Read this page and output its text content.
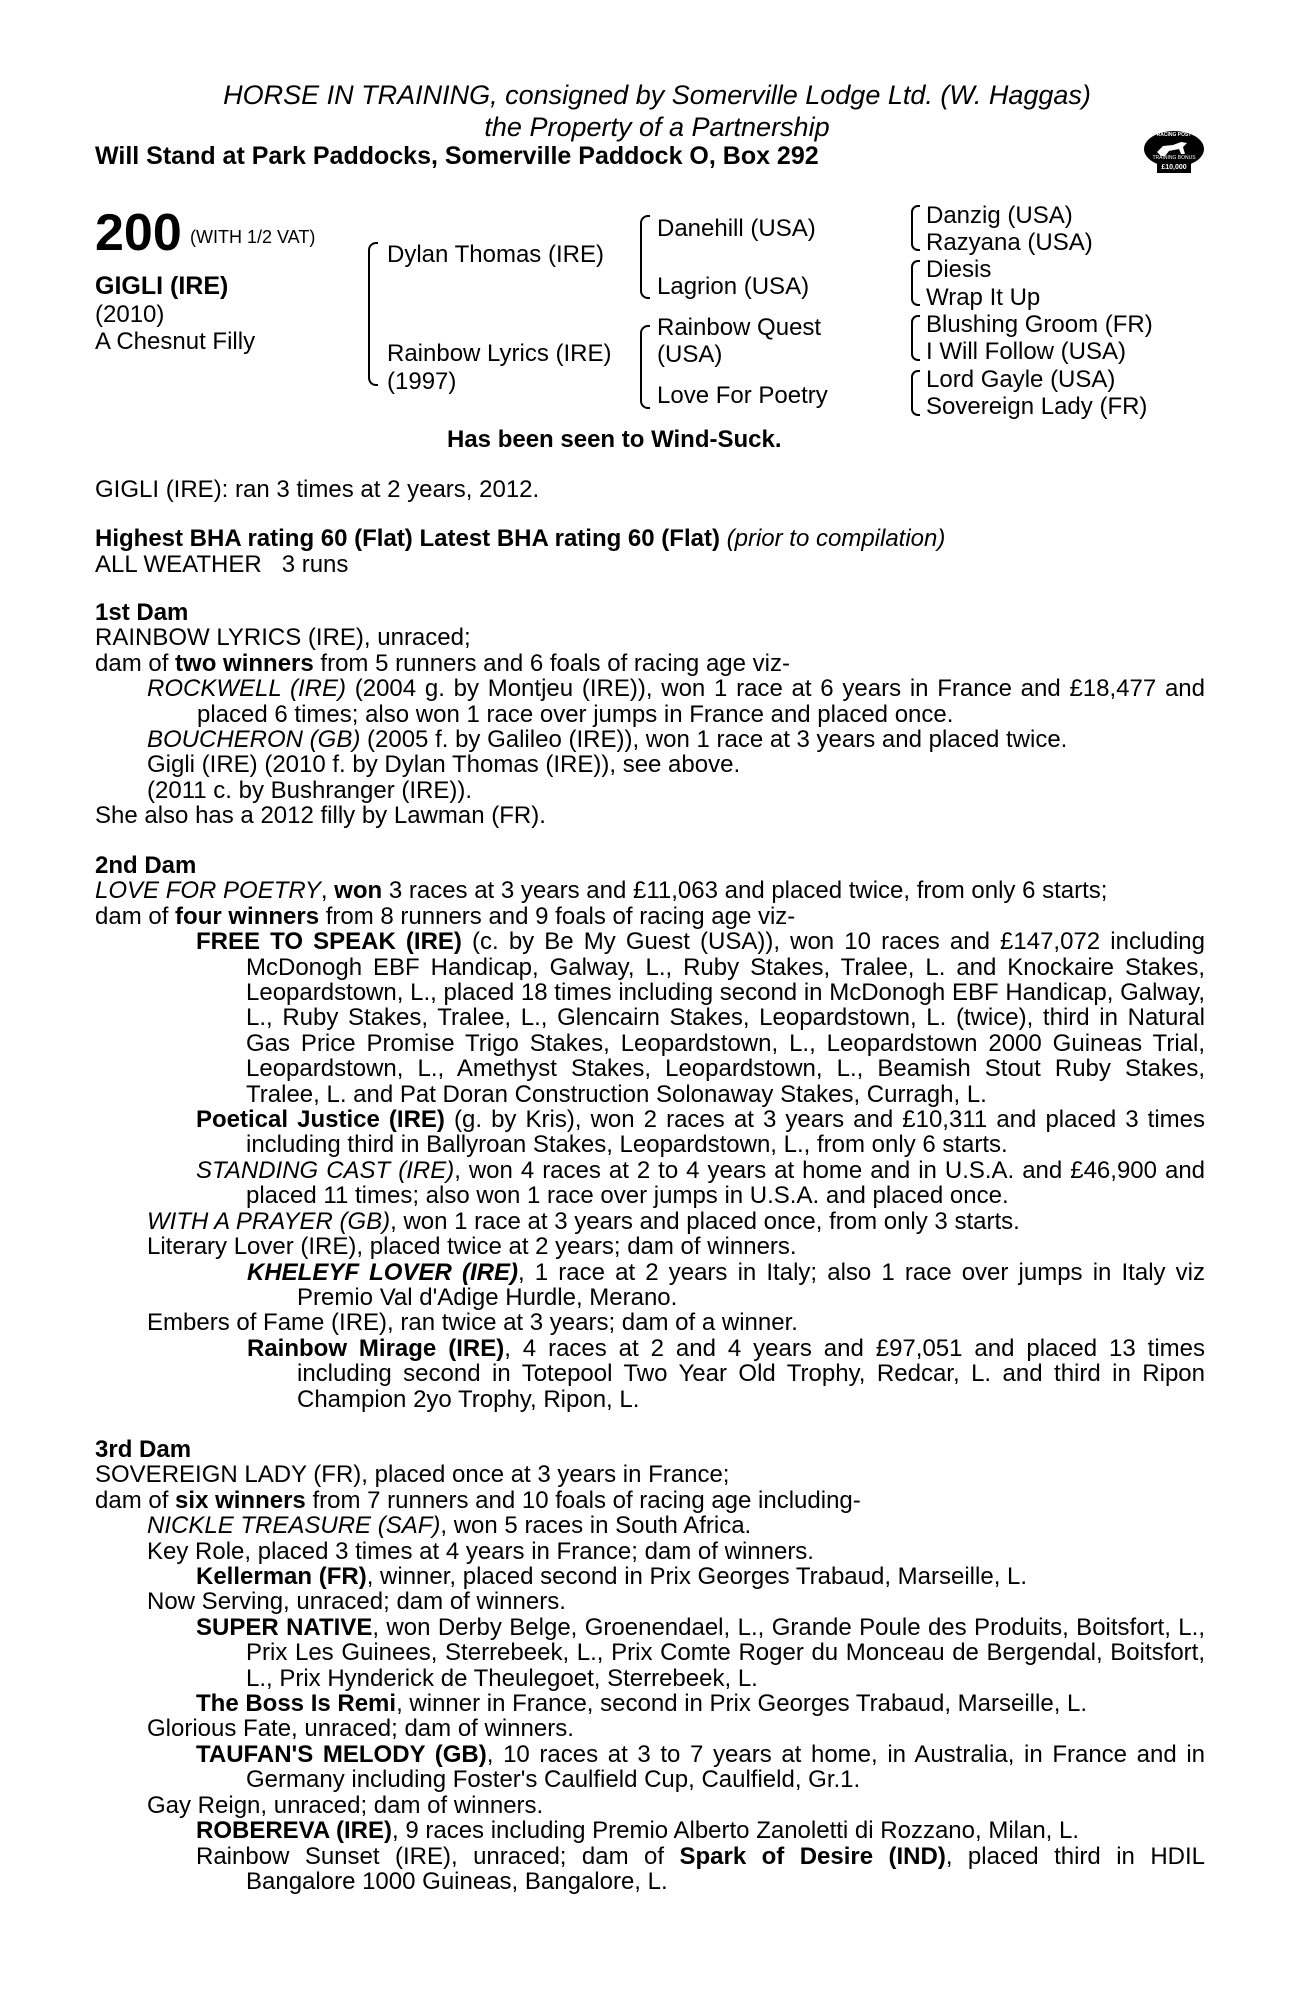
HORSE IN TRAINING, consigned by Somerville Lodge Ltd. (W. Haggas)
the Property of a Partnership
Will Stand at Park Paddocks, Somerville Paddock O, Box 292
RACING POST
TRAINING BONUS
£10,000
200 (WITH 1/2 VAT)
GIGLI (IRE)
(2010)
A Chesnut Filly
Dylan Thomas (IRE)
Rainbow Lyrics (IRE)
(1997)
Danehill (USA)
Lagrion (USA)
Rainbow Quest
(USA)
Love For Poetry
Danzig (USA)
Razyana (USA)
Diesis
Wrap It Up
Blushing Groom (FR)
I Will Follow (USA)
Lord Gayle (USA)
Sovereign Lady (FR)
Has been seen to Wind-Suck.
GIGLI (IRE): ran 3 times at 2 years, 2012.
Highest BHA rating 60 (Flat) Latest BHA rating 60 (Flat) (prior to compilation)
ALL WEATHER   3 runs

1st Dam

RAINBOW LYRICS (IRE), unraced;

dam of two winners from 5 runners and 6 foals of racing age viz-

ROCKWELL (IRE) (2004 g. by Montjeu (IRE)), won 1 race at 6 years in France and £18,477 and placed 6 times; also won 1 race over jumps in France and placed once.

BOUCHERON (GB) (2005 f. by Galileo (IRE)), won 1 race at 3 years and placed twice.

Gigli (IRE) (2010 f. by Dylan Thomas (IRE)), see above.

(2011 c. by Bushranger (IRE)).

She also has a 2012 filly by Lawman (FR).

2nd Dam

LOVE FOR POETRY, won 3 races at 3 years and £11,063 and placed twice, from only 6 starts;

dam of four winners from 8 runners and 9 foals of racing age viz-

FREE TO SPEAK (IRE) (c. by Be My Guest (USA)), won 10 races and £147,072 including McDonogh EBF Handicap, Galway, L., Ruby Stakes, Tralee, L. and Knockaire Stakes, Leopardstown, L., placed 18 times including second in McDonogh EBF Handicap, Galway, L., Ruby Stakes, Tralee, L., Glencairn Stakes, Leopardstown, L. (twice), third in Natural Gas Price Promise Trigo Stakes, Leopardstown, L., Leopardstown 2000 Guineas Trial, Leopardstown, L., Amethyst Stakes, Leopardstown, L., Beamish Stout Ruby Stakes, Tralee, L. and Pat Doran Construction Solonaway Stakes, Curragh, L.

Poetical Justice (IRE) (g. by Kris), won 2 races at 3 years and £10,311 and placed 3 times including third in Ballyroan Stakes, Leopardstown, L., from only 6 starts.

STANDING CAST (IRE), won 4 races at 2 to 4 years at home and in U.S.A. and £46,900 and placed 11 times; also won 1 race over jumps in U.S.A. and placed once.

WITH A PRAYER (GB), won 1 race at 3 years and placed once, from only 3 starts.

Literary Lover (IRE), placed twice at 2 years; dam of winners.

KHELEYF LOVER (IRE), 1 race at 2 years in Italy; also 1 race over jumps in Italy viz Premio Val d'Adige Hurdle, Merano.

Embers of Fame (IRE), ran twice at 3 years; dam of a winner.

Rainbow Mirage (IRE), 4 races at 2 and 4 years and £97,051 and placed 13 times including second in Totepool Two Year Old Trophy, Redcar, L. and third in Ripon Champion 2yo Trophy, Ripon, L.

3rd Dam

SOVEREIGN LADY (FR), placed once at 3 years in France;

dam of six winners from 7 runners and 10 foals of racing age including-

NICKLE TREASURE (SAF), won 5 races in South Africa.

Key Role, placed 3 times at 4 years in France; dam of winners.

Kellerman (FR), winner, placed second in Prix Georges Trabaud, Marseille, L.

Now Serving, unraced; dam of winners.

SUPER NATIVE, won Derby Belge, Groenendael, L., Grande Poule des Produits, Boitsfort, L., Prix Les Guinees, Sterrebeek, L., Prix Comte Roger du Monceau de Bergendal, Boitsfort, L., Prix Hynderick de Theulegoet, Sterrebeek, L.

The Boss Is Remi, winner in France, second in Prix Georges Trabaud, Marseille, L.

Glorious Fate, unraced; dam of winners.

TAUFAN'S MELODY (GB), 10 races at 3 to 7 years at home, in Australia, in France and in Germany including Foster's Caulfield Cup, Caulfield, Gr.1.

Gay Reign, unraced; dam of winners.

ROBEREVA (IRE), 9 races including Premio Alberto Zanoletti di Rozzano, Milan, L.

Rainbow Sunset (IRE), unraced; dam of Spark of Desire (IND), placed third in HDIL Bangalore 1000 Guineas, Bangalore, L.
